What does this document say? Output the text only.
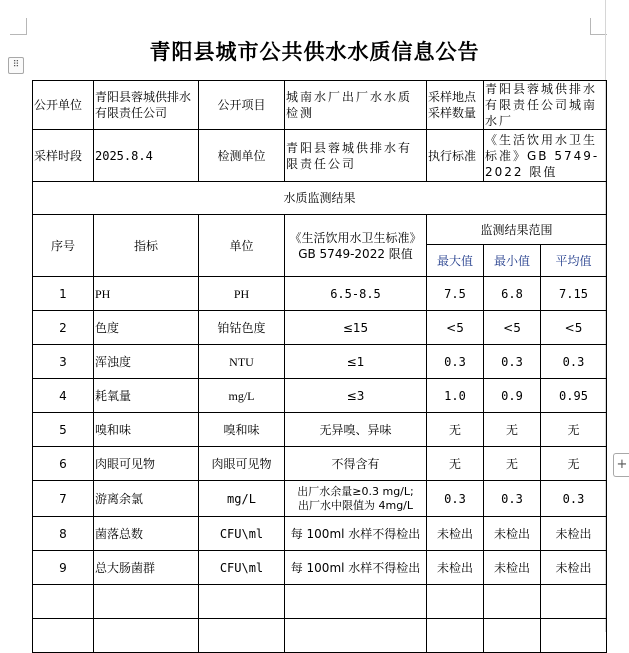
青阳县城市公共供水水质信息公告
⠿
+
公开单位	青阳县蓉城供排水有限责任公司	公开项目	城南水厂出厂水水质检测	采样地点采样数量	青阳县蓉城供排水有限责任公司城南水厂	
采样时段	2025.8.4	检测单位	青阳县蓉城供排水有限责任公司	执行标准	《生活饮用水卫生标准》GB 5749-2022 限值	
水质监测结果						
序号	指标	单位	《生活饮用水卫生标准》GB 5749-2022 限值	监测结果范围		
				最大值	最小值	平均值
1	PH	PH	6.5-8.5	7.5	6.8	7.15
2	色度	铂钴色度	≤15	<5	<5	<5
3	浑浊度	NTU	≤1	0.3	0.3	0.3
4	耗氧量	mg/L	≤3	1.0	0.9	0.95
5	嗅和味	嗅和味	无异嗅、异味	无	无	无
6	肉眼可见物	肉眼可见物	不得含有	无	无	无
7	游离余氯	mg/L	出厂水余量≥0.3 mg/L;
出厂水中限值为 4mg/L	0.3	0.3	0.3
8	菌落总数	CFU\ml	每 100ml 水样不得检出	未检出	未检出	未检出
9	总大肠菌群	CFU\ml	每 100ml 水样不得检出	未检出	未检出	未检出
